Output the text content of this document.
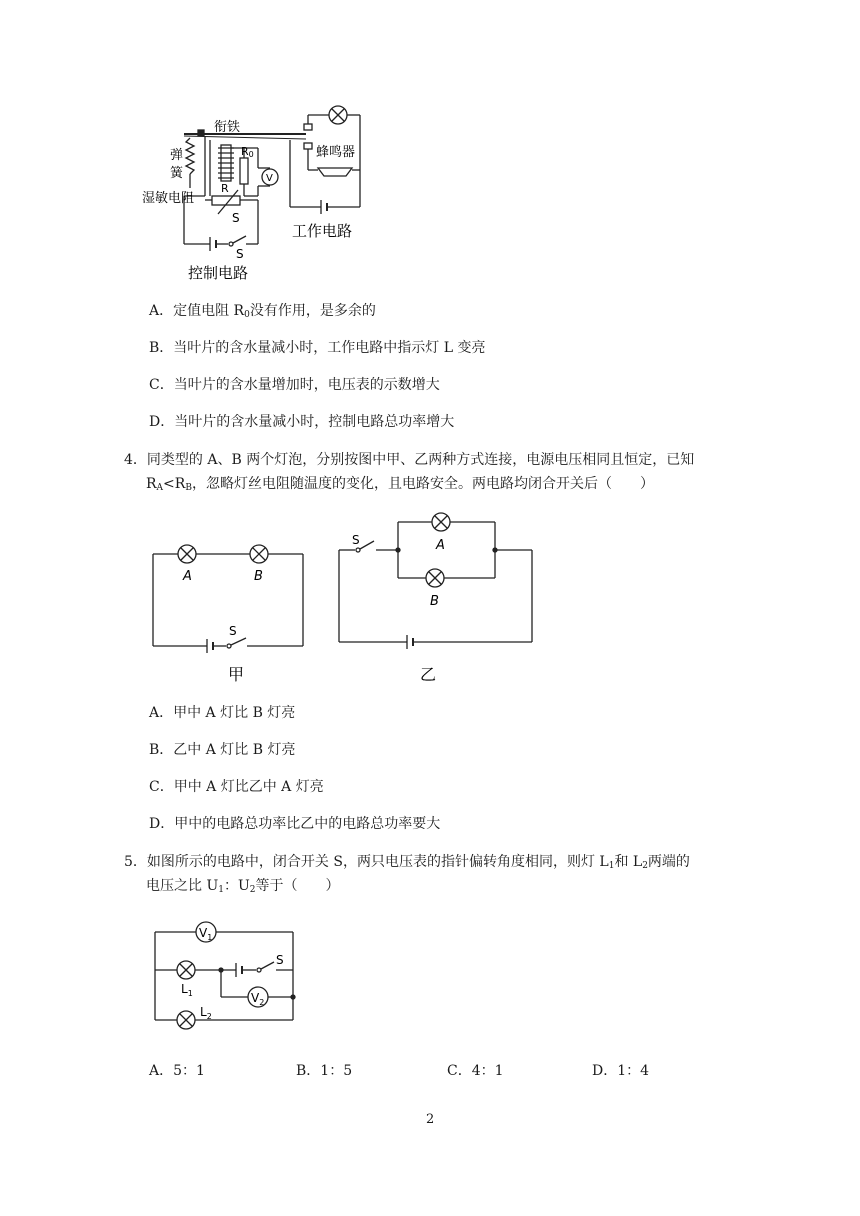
衔铁
弹
簧
R0
V
湿敏电阻
R
S
S
蜂鸣器
工作电路
控制电路
A．定值电阻 $R_0$没有作用，是多余的
B．当叶片的含水量减小时，工作电路中指示灯 L 变亮
C．当叶片的含水量增加时，电压表的示数增大
D．当叶片的含水量减小时，控制电路总功率增大
4．同类型的 A、B 两个灯泡，分别按图中甲、乙两种方式连接，电源电压相同且恒定，已知
$R_A<R_B$，忽略灯丝电阻随温度的变化，且电路安全。两电路均闭合开关后（　　）
A	B
S
甲
A
B
S
乙
A．甲中 A 灯比 B 灯亮
B．乙中 A 灯比 B 灯亮
C．甲中 A 灯比乙中 A 灯亮
D．甲中的电路总功率比乙中的电路总功率要大
5．如图所示的电路中，闭合开关 S，两只电压表的指针偏转角度相同，则灯 $L_1$和 $L_2$两端的
电压之比 $U_1$：$U_2$等于（　　）
$V_1$
$V_2$
$L_1$
$L_2$
S
A．5：1	B．1：5	C．4：1	D．1：4
2
